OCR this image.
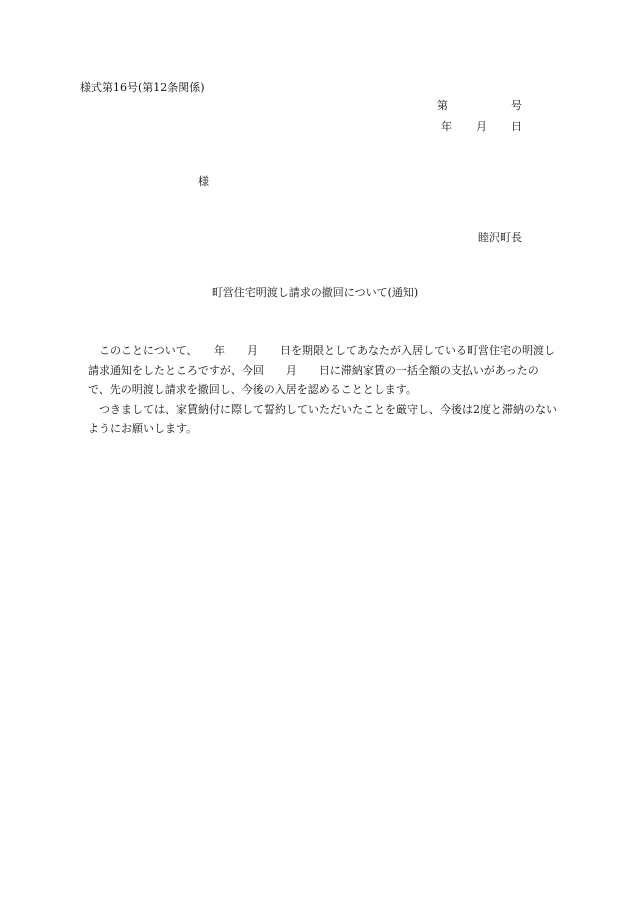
様式第16号(第12条関係)
第	号
年 月 日
様
睦沢町長
町営住宅明渡し請求の撤回について(通知)

このことについて、　　年　　月　　日を期限としてあなたが入居している町営住宅の明渡し請求通知をしたところですが、今回　　月　　日に滞納家賃の一括全額の支払いがあったので、先の明渡し請求を撤回し、今後の入居を認めることとします。

つきましては、家賃納付に際して誓約していただいたことを厳守し、今後は2度と滞納のないようにお願いします。
